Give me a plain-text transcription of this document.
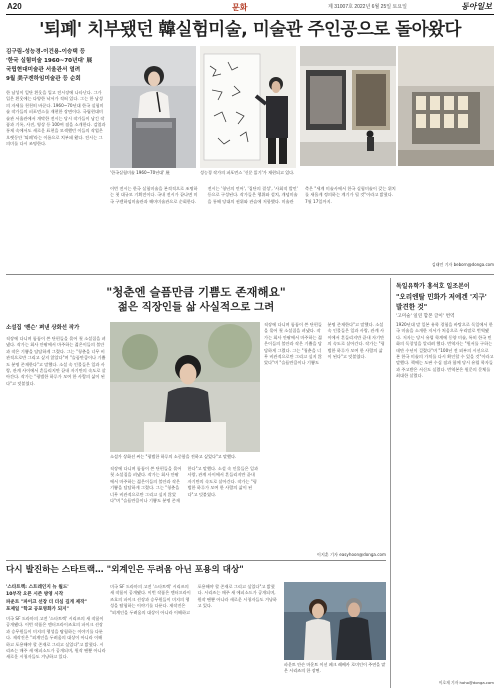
A20	문화	제 31007호 2022년 6월 25일 토요일	동아일보
'퇴폐' 치부됐던 韓실험미술, 미술관 주인공으로 돌아왔다
김구림-성능경-이건용-이승택 등
'한국 실험미술 1960~70년대' 展
국립현대미술관 서울관서 열려
9월 美구겐하임미술관 등 순회
한 남성이 일단 흰옷을 입고 전시장에 나타난다. 그가 입은 흰옷에는 다양한 낙서가 적혀 있다. 그는 한 남성의 자세를 천천히 바꾼다. 1960~70년대 한국 실험미술 작가들의 퍼포먼스를 재현한 장면이다. 국립현대미술관 서울관에서 개막한 전시는 당시 작가들이 남긴 작품과 기록, 사진, 영상 등 100여 점을 소개한다. 검열과 통제 속에서도 새로운 표현을 모색했던 이들의 작업은 오랫동안 '퇴폐'라는 이름으로 치부돼 왔다. 전시는 그 의미를 다시 조명한다.
'한국실험미술 1960~70년대' 展	성능경 작가의 퍼포먼스 '신문 읽기'가 재현되고 있다.
이번 전시는 한국 실험미술을 본격적으로 조명하는 첫 대규모 기획전이다. 국내 전시가 끝나면 미국 구겐하임미술관과 해머미술관으로 순회한다. 전시는 '청년의 언어', '집단의 결성', '사회적 발언' 등으로 구성된다. 작가들은 행위와 설치, 개념미술을 통해 당대의 권위와 관습에 저항했다. 미술관 측은 "세계 미술사에서 한국 실험미술이 갖는 위치를 새롭게 정의하는 계기가 될 것"이라고 밝혔다. 7월 17일까지.
김태언 기자 beborn@donga.com
"청춘엔 슬픔만큼 기쁨도 존재해요"
젊은 직장인들 삶 사실적으로 그려
소설집 '벤슨' 펴낸 상화선 작가
직장에 다니며 틈틈이 쓴 단편들을 묶어 첫 소설집을 펴냈다. 작가는 회사 안팎에서 마주하는 젊은이들의 불안과 작은 기쁨을 담담하게 그렸다. 그는 "청춘을 너무 비관적으로만 그리고 싶지 않았다"며 "슬픔만큼이나 기쁨도 분명 존재한다"고 말했다. 소설 속 인물들은 일과 사랑, 관계 사이에서 흔들리지만 끝내 자기만의 속도로 살아간다. 작가는 "평범한 하루가 모여 한 사람의 삶이 된다"고 덧붙였다.
소설가 상화선 씨는 "평범한 하루의 소중함을 전하고 싶었다"고 말했다.
직장에 다니며 틈틈이 쓴 단편들을 묶어 첫 소설집을 펴냈다. 작가는 회사 안팎에서 마주하는 젊은이들의 불안과 작은 기쁨을 담담하게 그렸다. 그는 "청춘을 너무 비관적으로만 그리고 싶지 않았다"며 "슬픔만큼이나 기쁨도 분명 존재한다"고 말했다. 소설 속 인물들은 일과 사랑, 관계 사이에서 흔들리지만 끝내 자기만의 속도로 살아간다. 작가는 "평범한 하루가 모여 한 사람의 삶이 된다"고 덧붙였다.
직장에 다니며 틈틈이 쓴 단편들을 묶어 첫 소설집을 펴냈다. 작가는 회사 안팎에서 마주하는 젊은이들의 불안과 작은 기쁨을 담담하게 그렸다. 그는 "청춘을 너무 비관적으로만 그리고 싶지 않았다"며 "슬픔만큼이나 기쁨도 분명 존재한다"고 말했다. 소설 속 인물들은 일과 사랑, 관계 사이에서 흔들리지만 끝내 자기만의 속도로 살아간다. 작가는 "평범한 하루가 모여 한 사람의 삶이 된다"고 덧붙였다.
이지훈 기자 easyhoon@donga.com
독일유학가 홍석호 일조본이
"오리엔탈 민화가 저에겐 '지구' 발견한 것"
'고미술' 일연 합본 글이' 번역
1920년대 말 일본 유학 경험을 바탕으로 독일에서 한국 미술을 소개한 저서가 처음으로 우리말로 번역됐다. 저자는 당시 유럽 학계에 동양 미술, 특히 한국 민화의 독창성을 알리려 했다. 번역자는 "원서를 구하는 데만 수년이 걸렸다"며 "100년 전 외부의 시선으로 본 한국 미술의 가치를 다시 확인할 수 있을 것"이라고 말했다. 책에는 도판 수십 점과 함께 당시 유럽 학자들과 주고받은 서신도 실렸다. 번역본은 원문의 문체를 최대한 살렸다.
이호재 기자 hoho@donga.com
다시 발진하는 스타트랙… "외계인은 두려움 아닌 포용의 대상"
'스타트렉: 스트레인지 뉴 월드'
10부작 오픈 시즌 방영 시작
파운트 "파이크 선장 더 더심 깊게 제작"
포제일 "학교 공포영화가 되지"
미국 SF 드라마의 고전 '스타트렉' 시리즈의 새 작품이 공개됐다. 이번 작품은 엔터프라이즈호의 파이크 선장과 승무원들이 미지의 행성을 탐험하는 이야기를 다룬다. 제작진은 "외계인을 두려움의 대상이 아니라 이해하고 포용해야 할 존재로 그리고 싶었다"고 밝혔다. 시리즈는 매주 새 에피소드가 공개되며, 원작 팬뿐 아니라 새로운 시청자들도 겨냥하고 있다.
미국 SF 드라마의 고전 '스타트렉' 시리즈의 새 작품이 공개됐다. 이번 작품은 엔터프라이즈호의 파이크 선장과 승무원들이 미지의 행성을 탐험하는 이야기를 다룬다. 제작진은 "외계인을 두려움의 대상이 아니라 이해하고 포용해야 할 존재로 그리고 싶었다"고 밝혔다. 시리즈는 매주 새 에피소드가 공개되며, 원작 팬뿐 아니라 새로운 시청자들도 겨냥하고 있다.
파운트 안슨 마운트 이선 페크 레베카 로미인이 주연을 맡은 시리즈의 한 장면.
